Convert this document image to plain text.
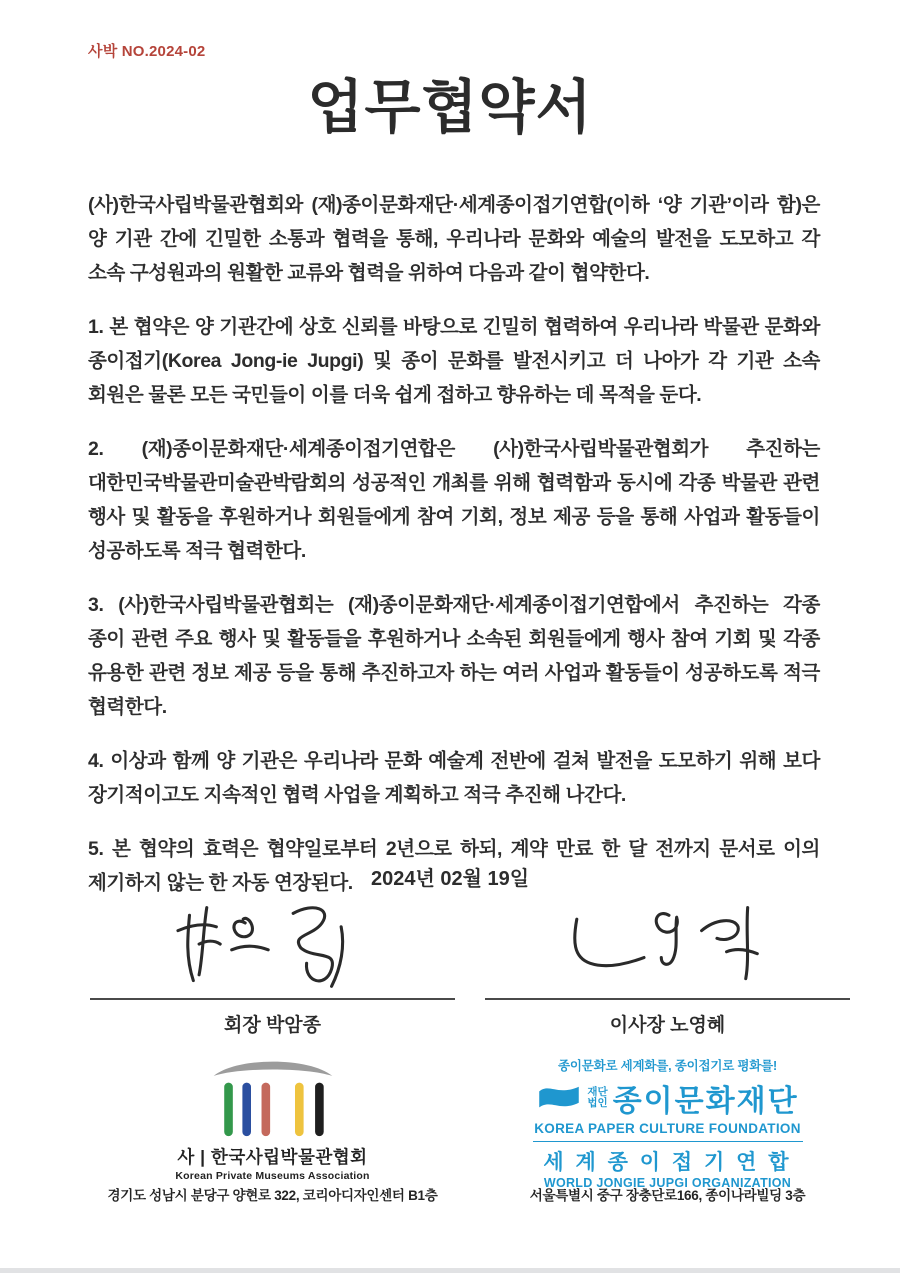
사박 NO.2024-02
업무협약서

(사)한국사립박물관협회와 (재)종이문화재단·세계종이접기연합(이하 ‘양 기관’이라 함)은 양 기관 간에 긴밀한 소통과 협력을 통해, 우리나라 문화와 예술의 발전을 도모하고 각 소속 구성원과의 원활한 교류와 협력을 위하여 다음과 같이 협약한다.

1. 본 협약은 양 기관간에 상호 신뢰를 바탕으로 긴밀히 협력하여 우리나라 박물관 문화와 종이접기(Korea Jong-ie Jupgi) 및 종이 문화를 발전시키고 더 나아가 각 기관 소속 회원은 물론 모든 국민들이 이를 더욱 쉽게 접하고 향유하는 데 목적을 둔다.

2. (재)종이문화재단·세계종이접기연합은 (사)한국사립박물관협회가 추진하는 대한민국박물관미술관박람회의 성공적인 개최를 위해 협력함과 동시에 각종 박물관 관련 행사 및 활동을 후원하거나 회원들에게 참여 기회, 정보 제공 등을 통해 사업과 활동들이 성공하도록 적극 협력한다.

3. (사)한국사립박물관협회는 (재)종이문화재단·세계종이접기연합에서 추진하는 각종 종이 관련 주요 행사 및 활동들을 후원하거나 소속된 회원들에게 행사 참여 기회 및 각종 유용한 관련 정보 제공 등을 통해 추진하고자 하는 여러 사업과 활동들이 성공하도록 적극 협력한다.

4. 이상과 함께 양 기관은 우리나라 문화 예술계 전반에 걸쳐 발전을 도모하기 위해 보다 장기적이고도 지속적인 협력 사업을 계획하고 적극 추진해 나간다.

5. 본 협약의 효력은 협약일로부터 2년으로 하되, 계약 만료 한 달 전까지 문서로 이의 제기하지 않는 한 자동 연장된다. 2024년 02월 19일
회장 박암종	이사장 노영혜
사 | 한국사립박물관협회
Korean Private Museums Association
종이문화로 세계화를, 종이접기로 평화를!
재단
법인 종이문화재단
KOREA PAPER CULTURE FOUNDATION
세 계 종 이 접 기 연 합
WORLD JONGIE JUPGI ORGANIZATION
경기도 성남시 분당구 양현로 322, 코리아디자인센터 B1층	서울특별시 중구 장충단로166, 종이나라빌딩 3층
